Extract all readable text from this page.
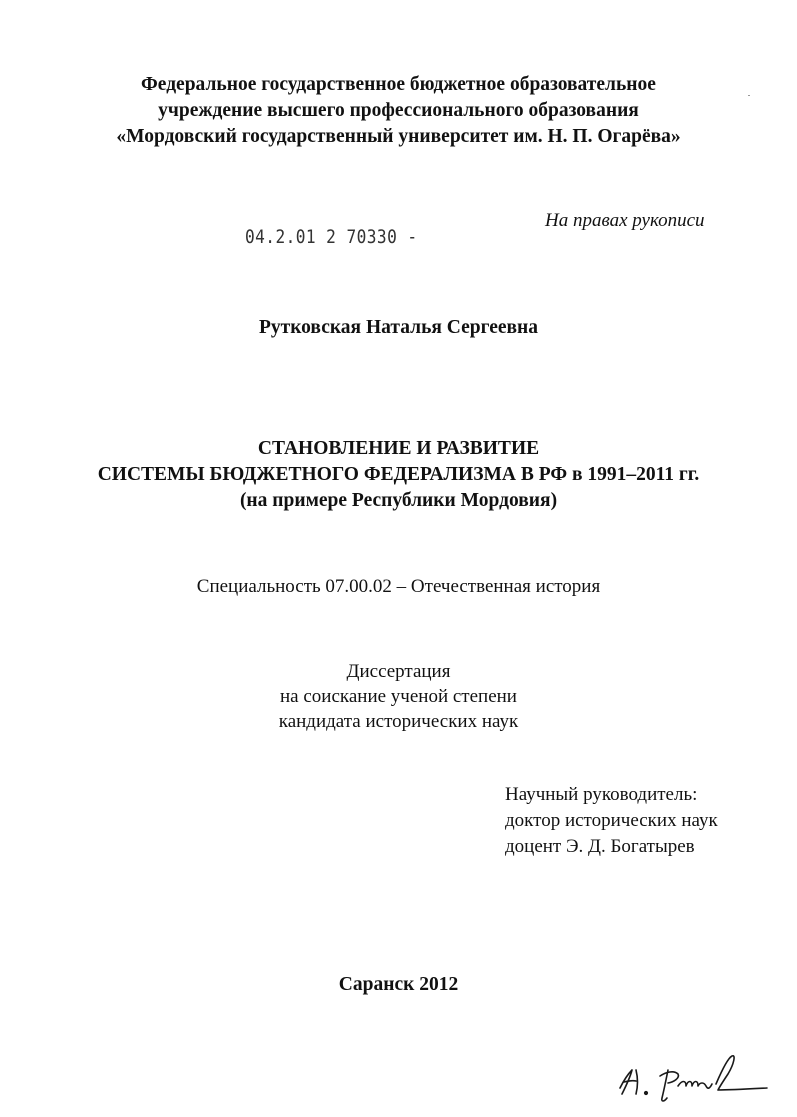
Федеральное государственное бюджетное образовательное
учреждение высшего профессионального образования
«Мордовский государственный университет им. Н. П. Огарёва»
04.2.01 2 70330 -
На правах рукописи
Рутковская Наталья Сергеевна
СТАНОВЛЕНИЕ И РАЗВИТИЕ
СИСТЕМЫ БЮДЖЕТНОГО ФЕДЕРАЛИЗМА В РФ в 1991–2011 гг.
(на примере Республики Мордовия)
Специальность 07.00.02 – Отечественная история
Диссертация
на соискание ученой степени
кандидата исторических наук
Научный руководитель:
доктор исторических наук
доцент Э. Д. Богатырев
Саранск 2012
